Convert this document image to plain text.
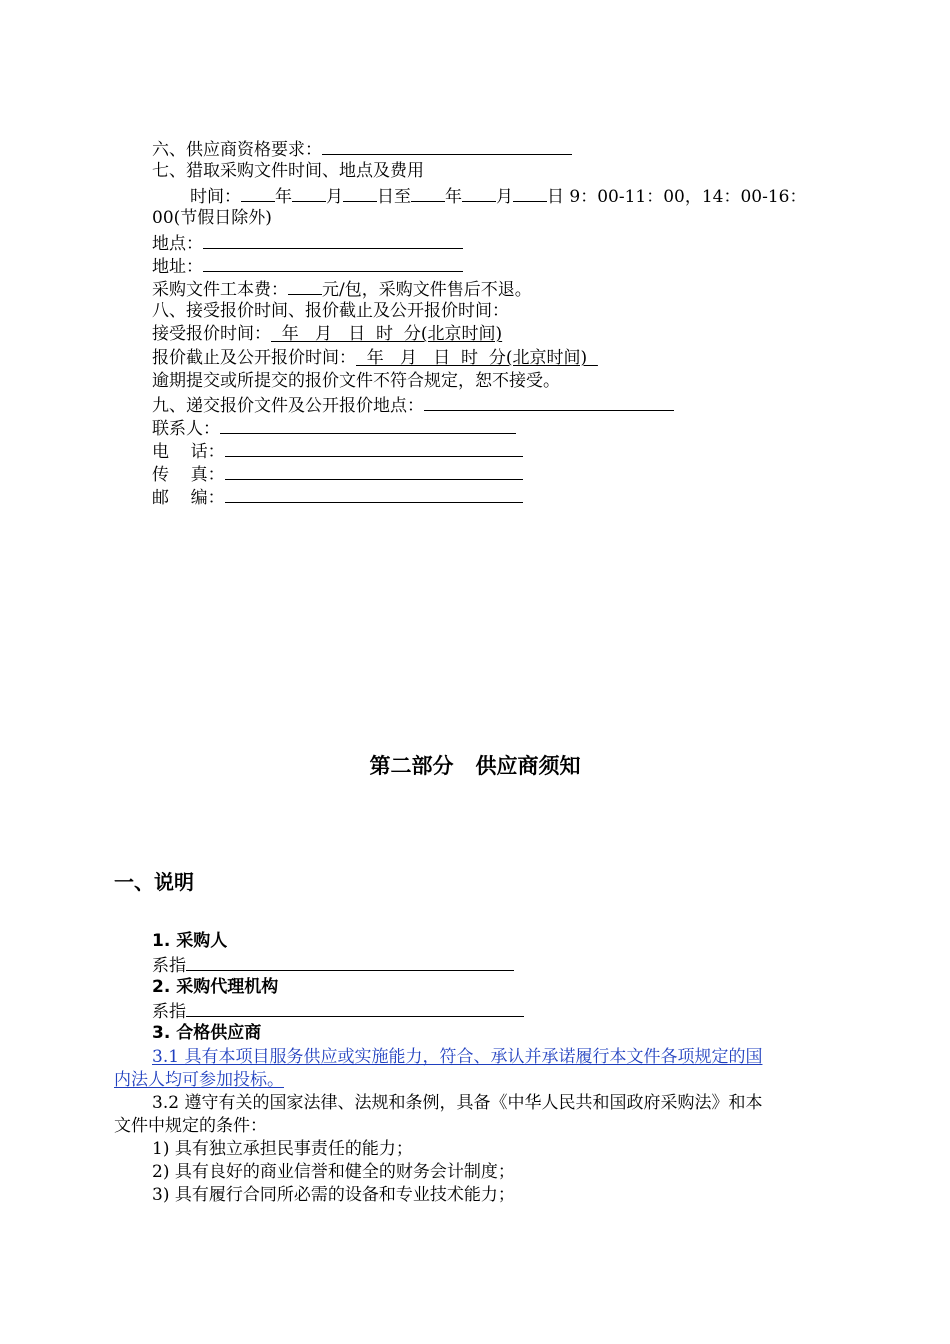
六、供应商资格要求：
七、猎取采购文件时间、地点及费用
时间： 年 月 日至 年 月 日 9：00-11：00，14：00-16：
00(节假日除外)
地点：
地址：
采购文件工本费： 元/包，采购文件售后不退。
八、接受报价时间、报价截止及公开报价时间：
接受报价时间：  年   月   日  时  分(北京时间)
报价截止及公开报价时间：  年   月   日  时  分(北京时间)
逾期提交或所提交的报价文件不符合规定，恕不接受。
九、递交报价文件及公开报价地点：
联系人：
电    话：
传    真：
邮    编：
第二部分   供应商须知
一、说明
1. 采购人
系指
2. 采购代理机构
系指
3. 合格供应商
3.1 具有本项目服务供应或实施能力，符合、承认并承诺履行本文件各项规定的国
内法人均可参加投标。
3.2 遵守有关的国家法律、法规和条例，具备《中华人民共和国政府采购法》和本
文件中规定的条件：
1) 具有独立承担民事责任的能力；
2) 具有良好的商业信誉和健全的财务会计制度；
3) 具有履行合同所必需的设备和专业技术能力；
